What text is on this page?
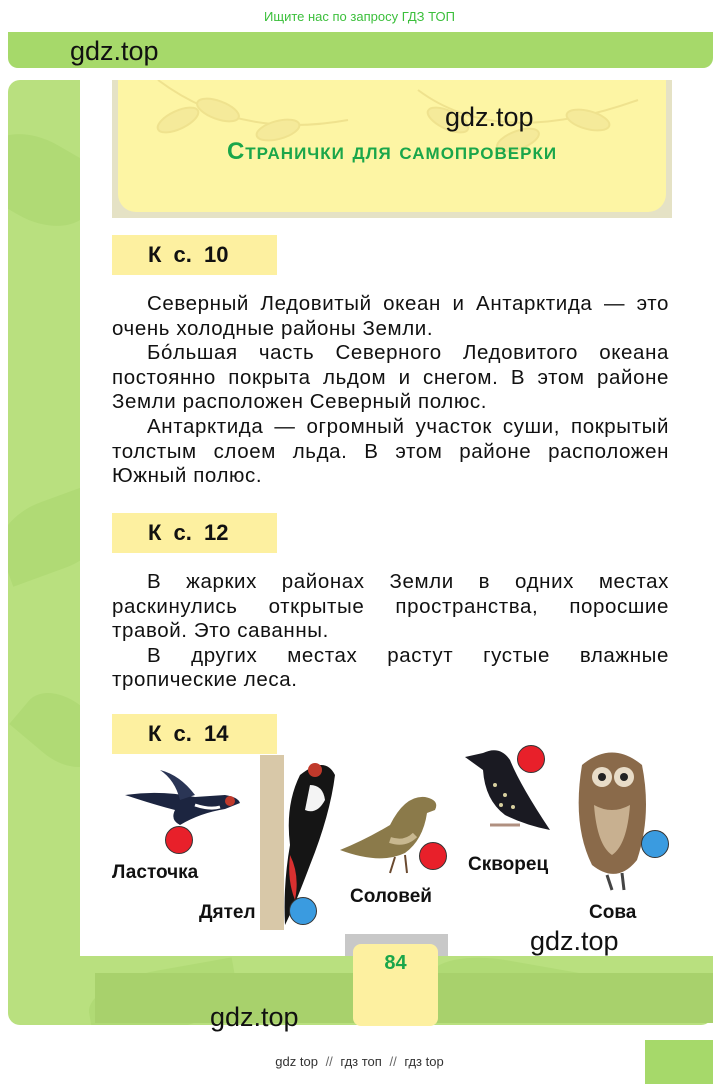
Ищите нас по запросу ГДЗ ТОП
gdz.top
gdz.top
Странички для самопроверки
К с. 10

Северный Ледовитый океан и Антарктида — это очень холодные районы Земли.

Бóльшая часть Северного Ледовитого океана постоянно покрыта льдом и снегом. В этом районе Земли расположен Северный полюс.

Антарктида — огромный участок суши, покрытый толстым слоем льда. В этом районе расположен Южный полюс.

К с. 12

В жарких районах Земли в одних местах раскинулись открытые пространства, поросшие травой. Это саванны.

В других местах растут густые влажные тропические леса.

К с. 14
Ласточка
Дятел
Соловей
Скворец
Сова
gdz.top
84
gdz.top
gdz top // гдз топ // гдз top
